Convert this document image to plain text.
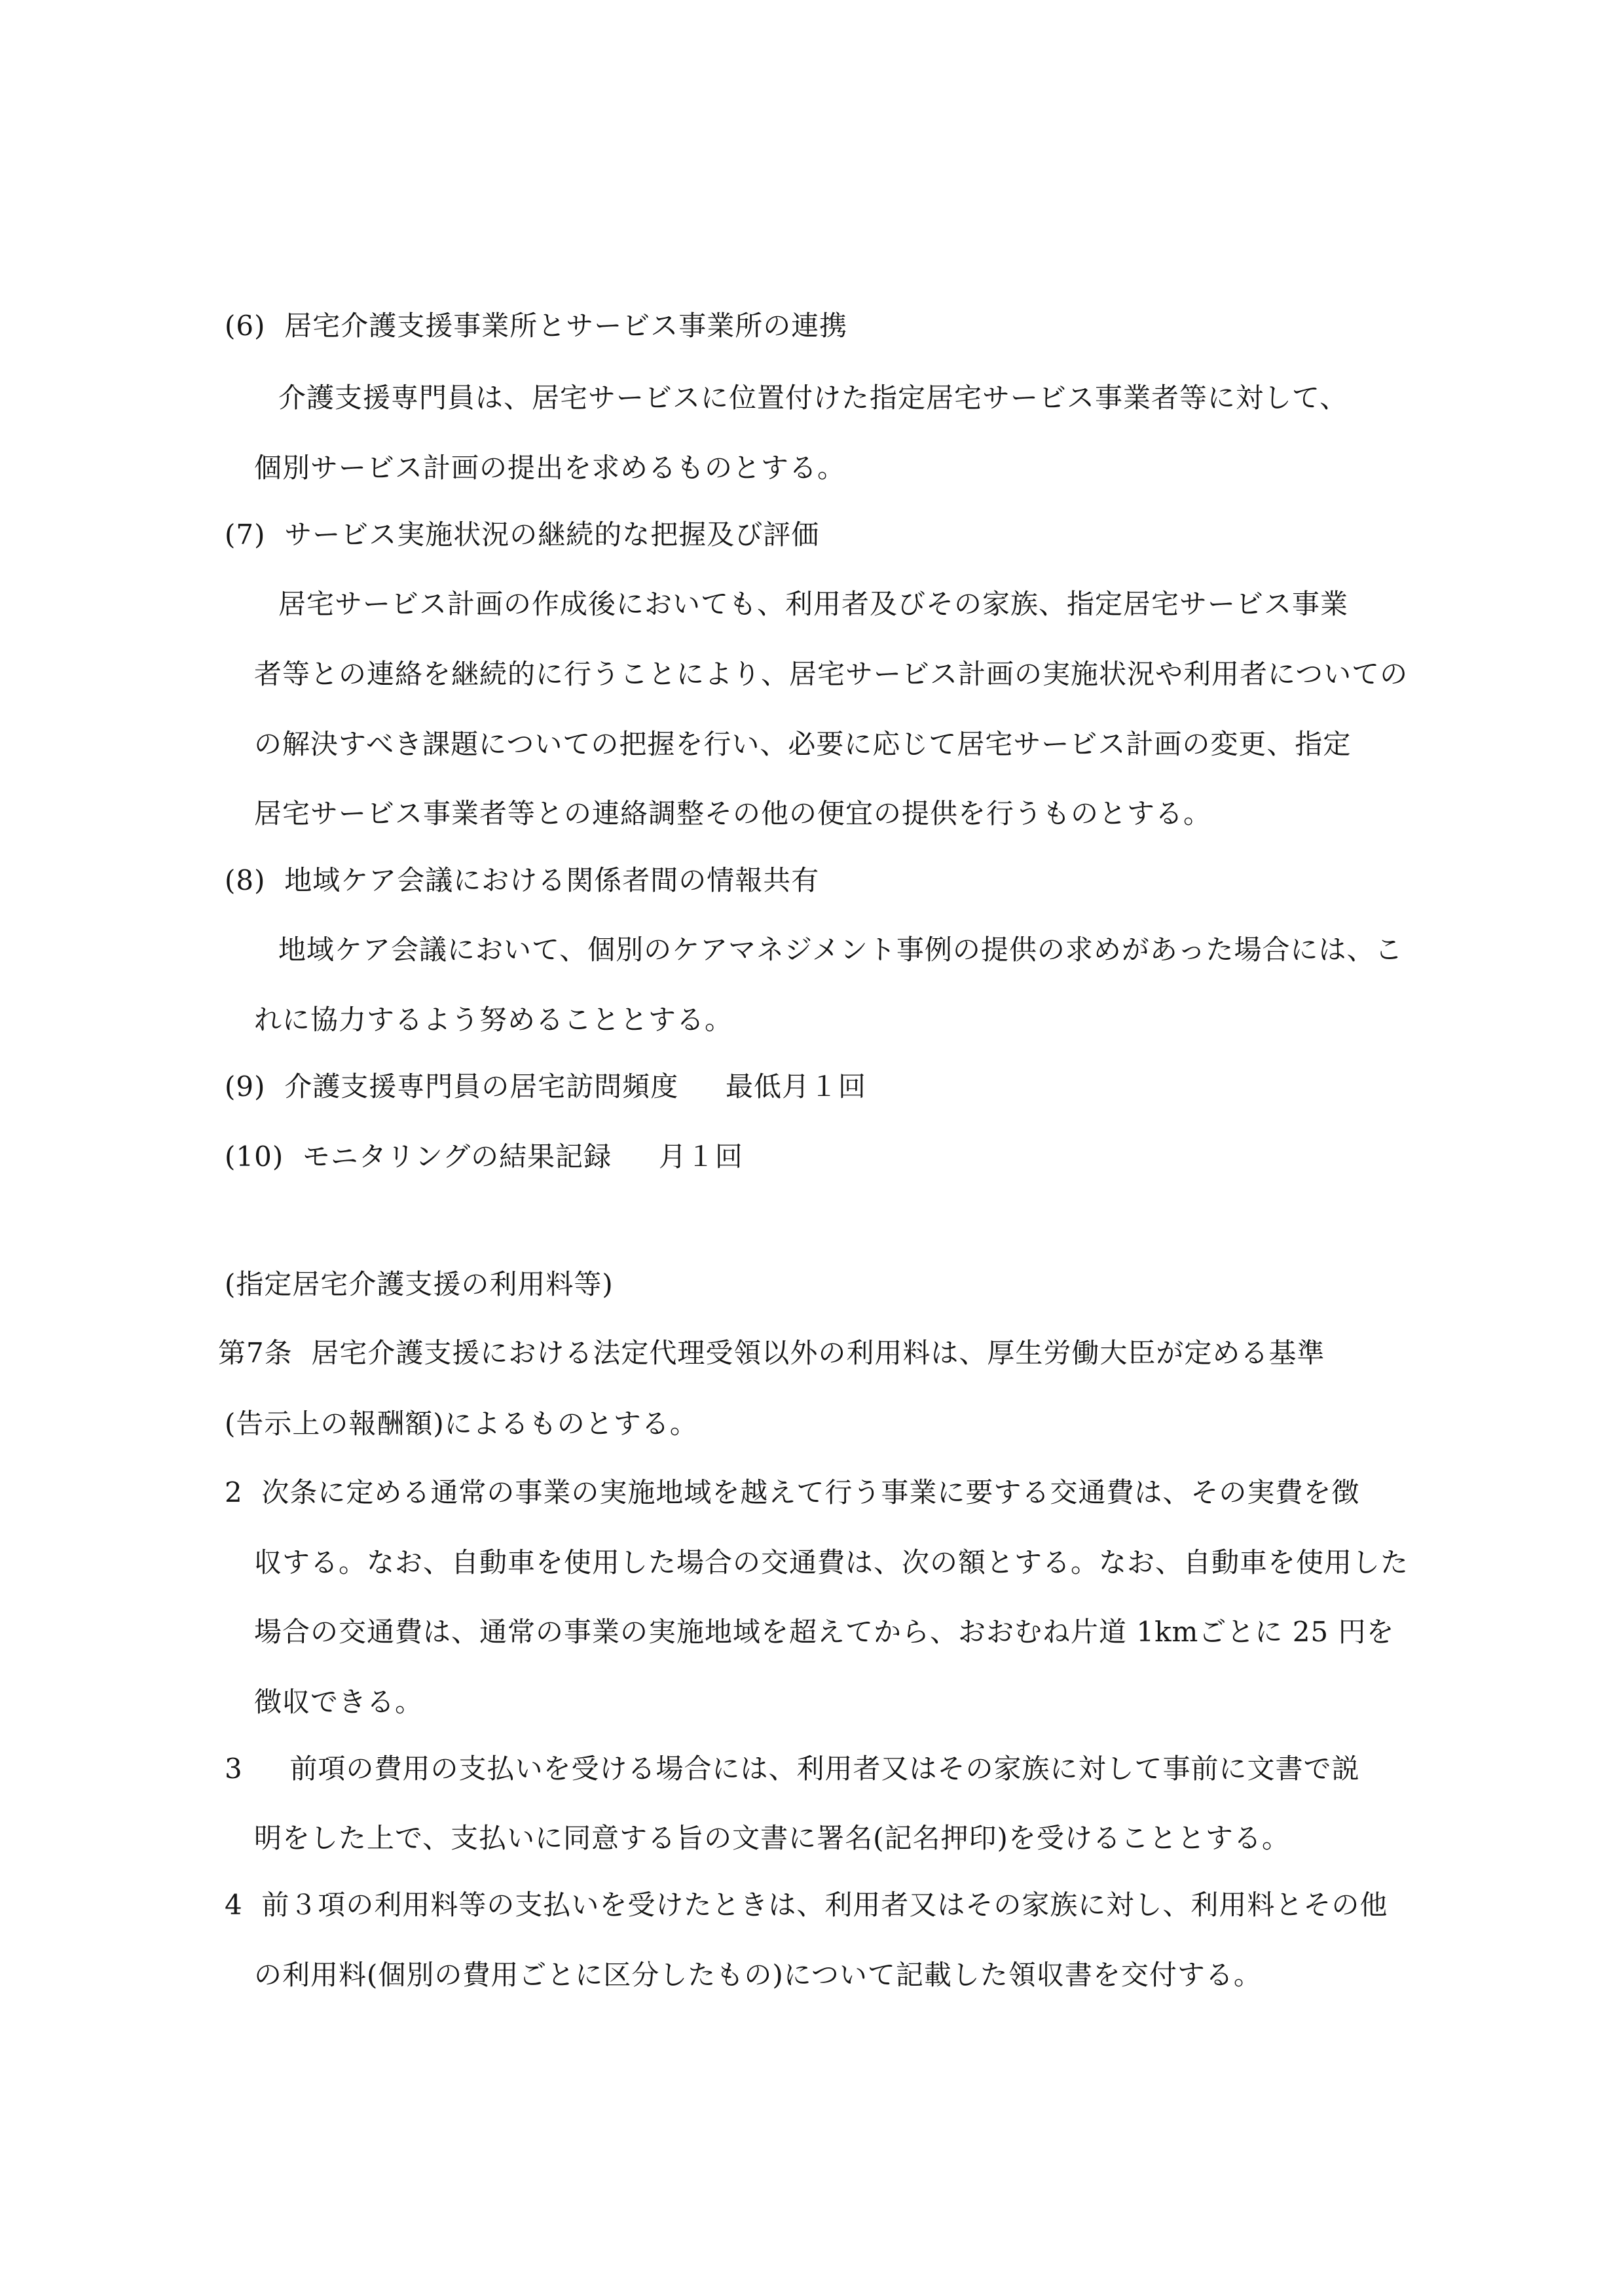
(6)  居宅介護支援事業所とサービス事業所の連携
介護支援専門員は、居宅サービスに位置付けた指定居宅サービス事業者等に対して、
個別サービス計画の提出を求めるものとする。
(7)  サービス実施状況の継続的な把握及び評価
居宅サービス計画の作成後においても、利用者及びその家族、指定居宅サービス事業
者等との連絡を継続的に行うことにより、居宅サービス計画の実施状況や利用者についての
の解決すべき課題についての把握を行い、必要に応じて居宅サービス計画の変更、指定
居宅サービス事業者等との連絡調整その他の便宜の提供を行うものとする。
(8)  地域ケア会議における関係者間の情報共有
地域ケア会議において、個別のケアマネジメント事例の提供の求めがあった場合には、こ
れに協力するよう努めることとする。
(9)  介護支援専門員の居宅訪問頻度     最低月１回
(10)  モニタリングの結果記録     月１回
(指定居宅介護支援の利用料等)
第7条  居宅介護支援における法定代理受領以外の利用料は、厚生労働大臣が定める基準
(告示上の報酬額)によるものとする。
2  次条に定める通常の事業の実施地域を越えて行う事業に要する交通費は、その実費を徴
収する。なお、自動車を使用した場合の交通費は、次の額とする。なお、自動車を使用した
場合の交通費は、通常の事業の実施地域を超えてから、おおむね片道 1kmごとに 25 円を
徴収できる。
3     前項の費用の支払いを受ける場合には、利用者又はその家族に対して事前に文書で説
明をした上で、支払いに同意する旨の文書に署名(記名押印)を受けることとする。
4  前３項の利用料等の支払いを受けたときは、利用者又はその家族に対し、利用料とその他
の利用料(個別の費用ごとに区分したもの)について記載した領収書を交付する。
